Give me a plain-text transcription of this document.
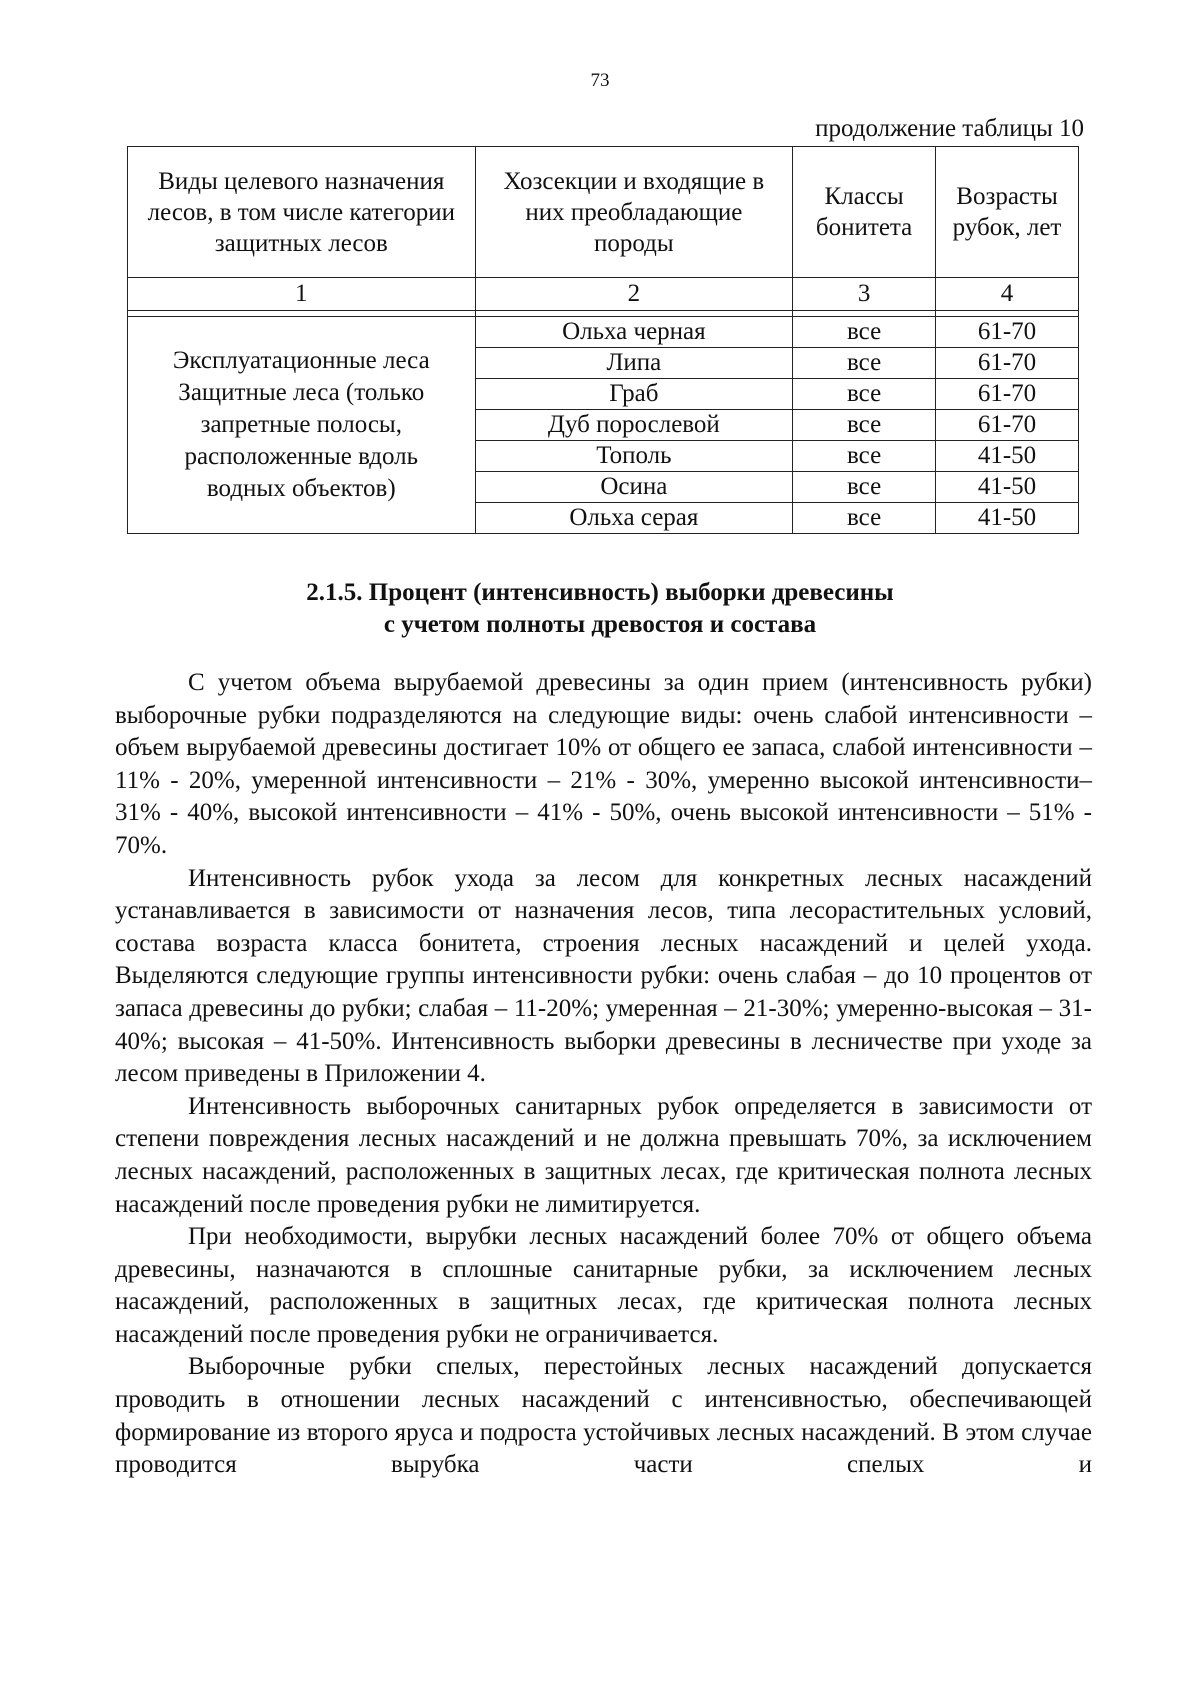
73
продолжение таблицы 10
Виды целевого назначения лесов, в том числе категории защитных лесов	Хозсекции и входящие в них преобладающие породы	Классы бонитета	Возрасты рубок, лет
1	2	3	4

Эксплуатационные леса Защитные леса (только запретные полосы, расположенные вдоль водных объектов)	Ольха черная	все	61-70
	Липа	все	61-70
	Граб	все	61-70
	Дуб порослевой	все	61-70
	Тополь	все	41-50
	Осина	все	41-50
	Ольха серая	все	41-50
2.1.5. Процент (интенсивность) выборки древесины
с учетом полноты древостоя и состава

С учетом объема вырубаемой древесины за один прием (интенсивность рубки) выборочные рубки подразделяются на следующие виды: очень слабой интенсивности – объем вырубаемой древесины достигает 10% от общего ее запаса, слабой интенсивности – 11% - 20%, умеренной интенсивности – 21% - 30%, умеренно высокой интенсивности– 31% - 40%, высокой интенсивности – 41% - 50%, очень высокой интенсивности – 51% - 70%.

Интенсивность рубок ухода за лесом для конкретных лесных насаждений устанавливается в зависимости от назначения лесов, типа лесорастительных условий, состава возраста класса бонитета, строения лесных насаждений и целей ухода. Выделяются следующие группы интенсивности рубки: очень слабая – до 10 процентов от запаса древесины до рубки; слабая – 11-20%; умеренная – 21-30%; умеренно-высокая – 31-40%; высокая – 41-50%. Интенсивность выборки древесины в лесничестве при уходе за лесом приведены в Приложении 4.

Интенсивность выборочных санитарных рубок определяется в зависимости от степени повреждения лесных насаждений и не должна превышать 70%, за исключением лесных насаждений, расположенных в защитных лесах, где критическая полнота лесных насаждений после проведения рубки не лимитируется.

При необходимости, вырубки лесных насаждений более 70% от общего объема древесины, назначаются в сплошные санитарные рубки, за исключением лесных насаждений, расположенных в защитных лесах, где критическая полнота лесных насаждений после проведения рубки не ограничивается.

Выборочные рубки спелых, перестойных лесных насаждений допускается проводить в отношении лесных насаждений с интенсивностью, обеспечивающей формирование из второго яруса и подроста устойчивых лесных насаждений. В этом случае проводится вырубка части спелых и
